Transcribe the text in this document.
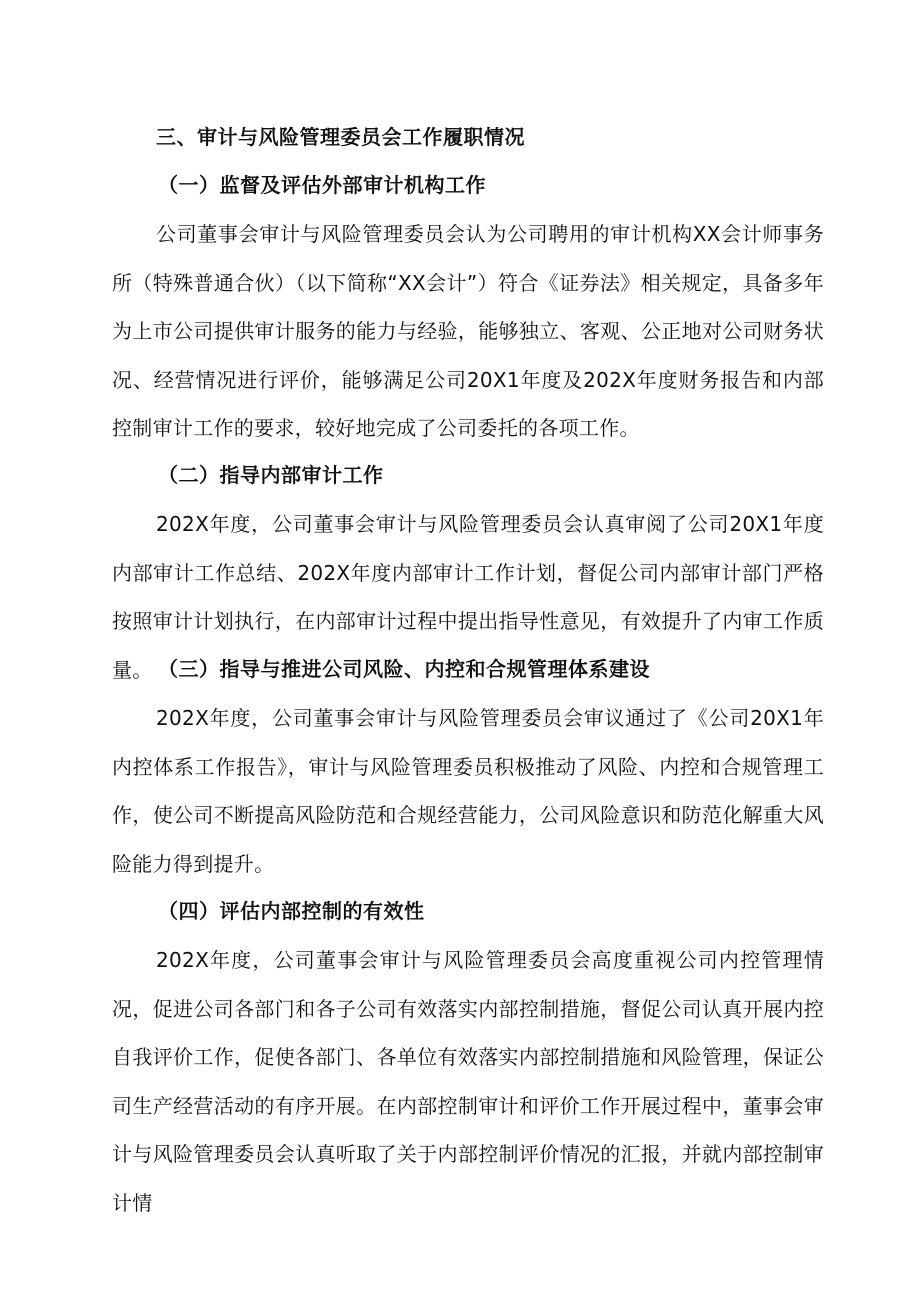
三、审计与风险管理委员会工作履职情况
（一）监督及评估外部审计机构工作
公司董事会审计与风险管理委员会认为公司聘用的审计机构XX会计师事务所（特殊普通合伙）（以下简称“XX会计”）符合《证券法》相关规定，具备多年为上市公司提供审计服务的能力与经验，能够独立、客观、公正地对公司财务状况、经营情况进行评价，能够满足公司20X1年度及202X年度财务报告和内部控制审计工作的要求，较好地完成了公司委托的各项工作。
（二）指导内部审计工作
202X年度，公司董事会审计与风险管理委员会认真审阅了公司20X1年度内部审计工作总结、202X年度内部审计工作计划，督促公司内部审计部门严格按照审计计划执行，在内部审计过程中提出指导性意见，有效提升了内审工作质量。 （三）指导与推进公司风险、内控和合规管理体系建设
202X年度，公司董事会审计与风险管理委员会审议通过了《公司20X1年内控体系工作报告》，审计与风险管理委员积极推动了风险、内控和合规管理工作，使公司不断提高风险防范和合规经营能力，公司风险意识和防范化解重大风险能力得到提升。
（四）评估内部控制的有效性
202X年度，公司董事会审计与风险管理委员会高度重视公司内控管理情况，促进公司各部门和各子公司有效落实内部控制措施，督促公司认真开展内控自我评价工作，促使各部门、各单位有效落实内部控制措施和风险管理，保证公司生产经营活动的有序开展。在内部控制审计和评价工作开展过程中，董事会审计与风险管理委员会认真听取了关于内部控制评价情况的汇报，并就内部控制审计情
